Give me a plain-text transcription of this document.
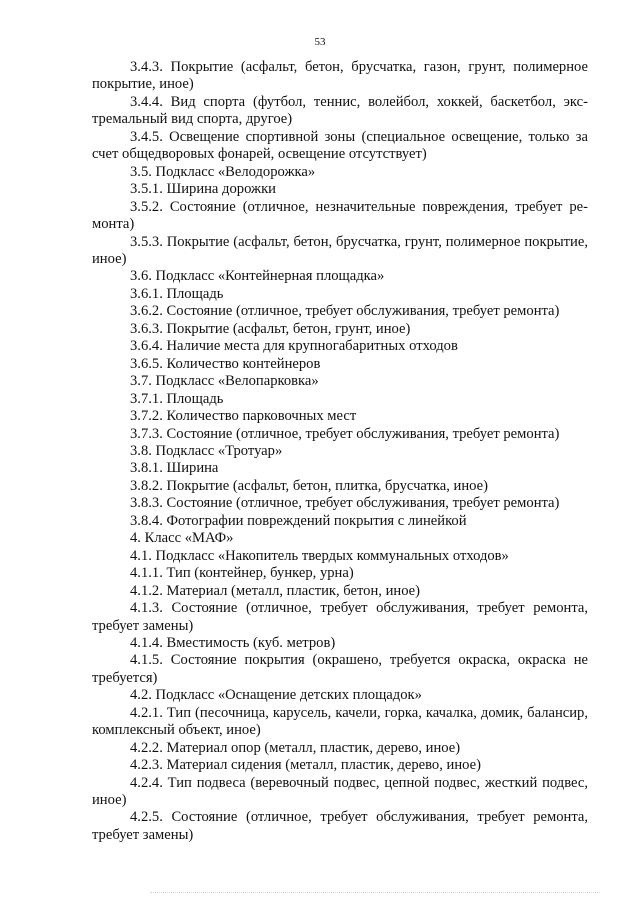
53

3.4.3. Покрытие (асфальт, бетон, брусчатка, газон, грунт, полимерное покрытие, иное)

3.4.4. Вид спорта (футбол, теннис, волейбол, хоккей, баскетбол, экстремальный вид спорта, другое)

3.4.5. Освещение спортивной зоны (специальное освещение, только за счет общедворовых фонарей, освещение отсутствует)

3.5. Подкласс «Велодорожка»

3.5.1. Ширина дорожки

3.5.2. Состояние (отличное, незначительные повреждения, требует ремонта)

3.5.3. Покрытие (асфальт, бетон, брусчатка, грунт, полимерное покрытие, иное)

3.6. Подкласс «Контейнерная площадка»

3.6.1. Площадь

3.6.2. Состояние (отличное, требует обслуживания, требует ремонта)

3.6.3. Покрытие (асфальт, бетон, грунт, иное)

3.6.4. Наличие места для крупногабаритных отходов

3.6.5. Количество контейнеров

3.7. Подкласс «Велопарковка»

3.7.1. Площадь

3.7.2. Количество парковочных мест

3.7.3. Состояние (отличное, требует обслуживания, требует ремонта)

3.8. Подкласс «Тротуар»

3.8.1. Ширина

3.8.2. Покрытие (асфальт, бетон, плитка, брусчатка, иное)

3.8.3. Состояние (отличное, требует обслуживания, требует ремонта)

3.8.4. Фотографии повреждений покрытия с линейкой

4. Класс «МАФ»

4.1. Подкласс «Накопитель твердых коммунальных отходов»

4.1.1. Тип (контейнер, бункер, урна)

4.1.2. Материал (металл, пластик, бетон, иное)

4.1.3. Состояние (отличное, требует обслуживания, требует ремонта, требует замены)

4.1.4. Вместимость (куб. метров)

4.1.5. Состояние покрытия (окрашено, требуется окраска, окраска не требуется)

4.2. Подкласс «Оснащение детских площадок»

4.2.1. Тип (песочница, карусель, качели, горка, качалка, домик, балансир, комплексный объект, иное)

4.2.2. Материал опор (металл, пластик, дерево, иное)

4.2.3. Материал сидения (металл, пластик, дерево, иное)

4.2.4. Тип подвеса (веревочный подвес, цепной подвес, жесткий подвес, иное)

4.2.5. Состояние (отличное, требует обслуживания, требует ремонта, требует замены)
